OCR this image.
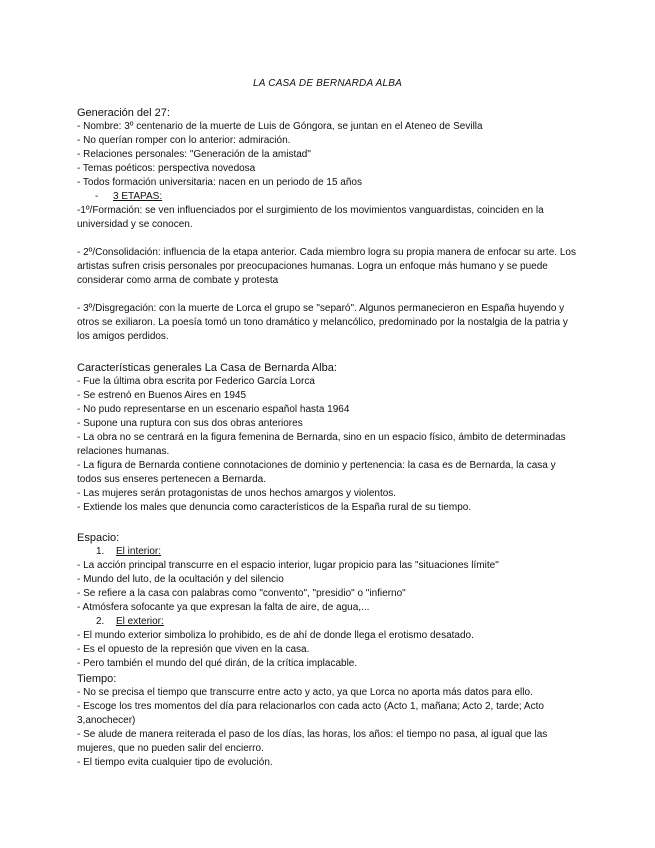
LA CASA DE BERNARDA ALBA
Generación del 27:
- Nombre: 3º centenario de la muerte de Luis de Góngora, se juntan en el Ateneo de Sevilla
- No querían romper con lo anterior: admiración.
- Relaciones personales: "Generación de la amistad"
- Temas poéticos: perspectiva novedosa
- Todos formación universitaria: nacen en un periodo de 15 años
- 3 ETAPAS:
-1º/Formación: se ven influenciados por el surgimiento de los movimientos vanguardistas, coinciden en la universidad y se conocen.
- 2º/Consolidación: influencia de la etapa anterior. Cada miembro logra su propia manera de enfocar su arte. Los artistas sufren crisis personales por preocupaciones humanas. Logra un enfoque más humano y se puede considerar como arma de combate y protesta
- 3º/Disgregación: con la muerte de Lorca el grupo se "separó". Algunos permanecieron en España huyendo y otros se exiliaron. La poesía tomó un tono dramático y melancólico, predominado por la nostalgia de la patria y los amigos perdidos.
Características generales La Casa de Bernarda Alba:
- Fue la última obra escrita por Federico García Lorca
- Se estrenó en Buenos Aires en 1945
- No pudo representarse en un escenario español hasta 1964
- Supone una ruptura con sus dos obras anteriores
- La obra no se centrará en la figura femenina de Bernarda, sino en un espacio físico, ámbito de determinadas relaciones humanas.
- La figura de Bernarda contiene connotaciones de dominio y pertenencia: la casa es de Bernarda, la casa y todos sus enseres pertenecen a Bernarda.
- Las mujeres serán protagonistas de unos hechos amargos y violentos.
- Extiende los males que denuncia como característicos de la España rural de su tiempo.
Espacio:
1. El interior:
- La acción principal transcurre en el espacio interior, lugar propicio para las "situaciones límite"
- Mundo del luto, de la ocultación y del silencio
- Se refiere a la casa con palabras como "convento", "presidio" o "infierno"
- Atmósfera sofocante ya que expresan la falta de aire, de agua,...
2. El exterior:
- El mundo exterior simboliza lo prohibido, es de ahí de donde llega el erotismo desatado.
- Es el opuesto de la represión que viven en la casa.
- Pero también el mundo del qué dirán, de la crítica implacable.
Tiempo:
- No se precisa el tiempo que transcurre entre acto y acto, ya que Lorca no aporta más datos para ello.
- Escoge los tres momentos del día para relacionarlos con cada acto (Acto 1, mañana; Acto 2, tarde; Acto 3,anochecer)
- Se alude de manera reiterada el paso de los días, las horas, los años: el tiempo no pasa, al igual que las mujeres, que no pueden salir del encierro.
- El tiempo evita cualquier tipo de evolución.
